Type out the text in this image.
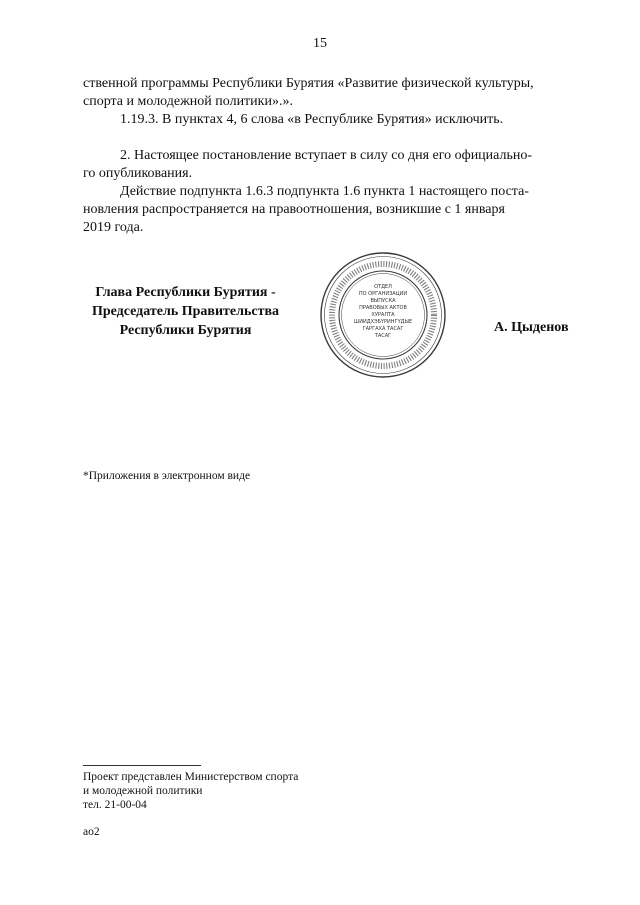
15

ственной программы Республики Бурятия «Развитие физической культуры,

спорта и молодежной политики».».

1.19.3. В пунктах 4, 6 слова «в Республике Бурятия» исключить.

2. Настоящее постановление вступает в силу со дня его официально-

го опубликования.

Действие подпункта 1.6.3 подпункта 1.6 пункта 1 настоящего поста-

новления распространяется на правоотношения, возникшие с 1 января

2019 года.

Глава Республики Бурятия -
Председатель Правительства
Республики Бурятия
ОТДЕЛ
ПО ОРГАНИЗАЦИИ
ВЫПУСКА
ПРАВОВЫХ АКТОВ
ХУРАЛТА
ШИИДХЭБҮРИНГҮДЫЕ
ГАРГАХА ТАСАГ
ТАСАГ
А. Цыденов
*Приложения в электронном виде
Проект представлен Министерством спорта
и молодежной политики
тел. 21-00-04
ao2
